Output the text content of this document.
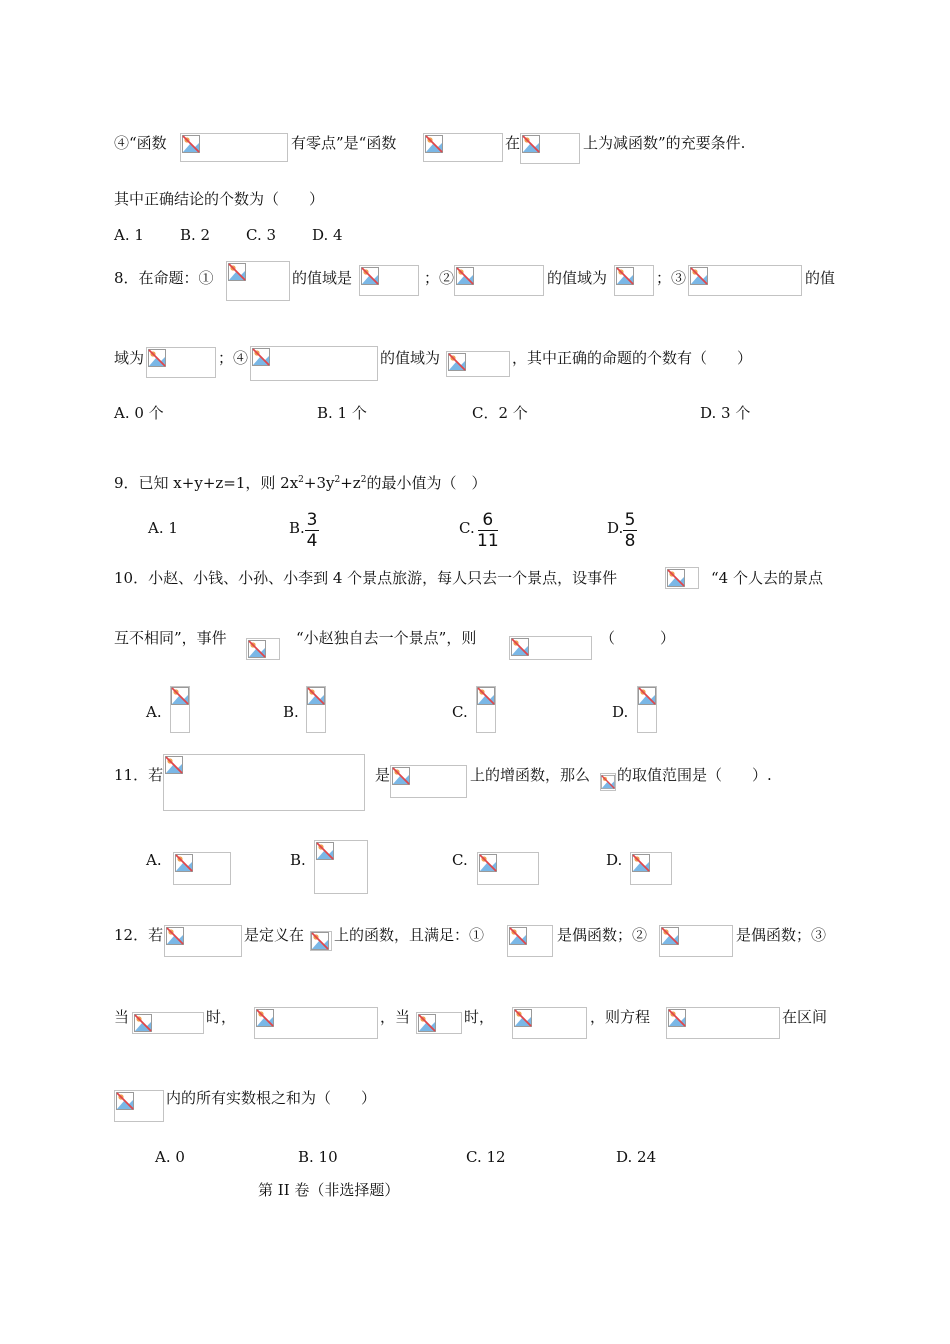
④“函数	有零点”是“函数	在	上为减函数”的充要条件.
其中正确结论的个数为（　　）
A. 1 B. 2 C. 3 D. 4
8．在命题：①	的值域是	；②	的值域为	；③	的值
域为	；④	的值域为	，其中正确的命题的个数有（　　）
A. 0 个	B. 1 个	C．2 个	D. 3 个
9．已知 x+y+z=1，则 $2x^2+3y^2+z^2$的最小值为（　）
A. 1	B. 3
4
C. 6
11
D. 5
8
10．小赵、小钱、小孙、小李到 4 个景点旅游，每人只去一个景点，设事件	“4 个人去的景点
互不相同”，事件	“小赵独自去一个景点”，则	（　　　）
A.	B.	C.	D.
11．若	是	上的增函数，那么 的取值范围是（　　）.
A.	B.	C.	D.
12．若	是定义在 上的函数，且满足：①	是偶函数；②	是偶函数；③
当	时，	，当	时，	，则方程	在区间
内的所有实数根之和为（　　）
A. 0	B. 10	C. 12	D. 24
第 II 卷（非选择题）
